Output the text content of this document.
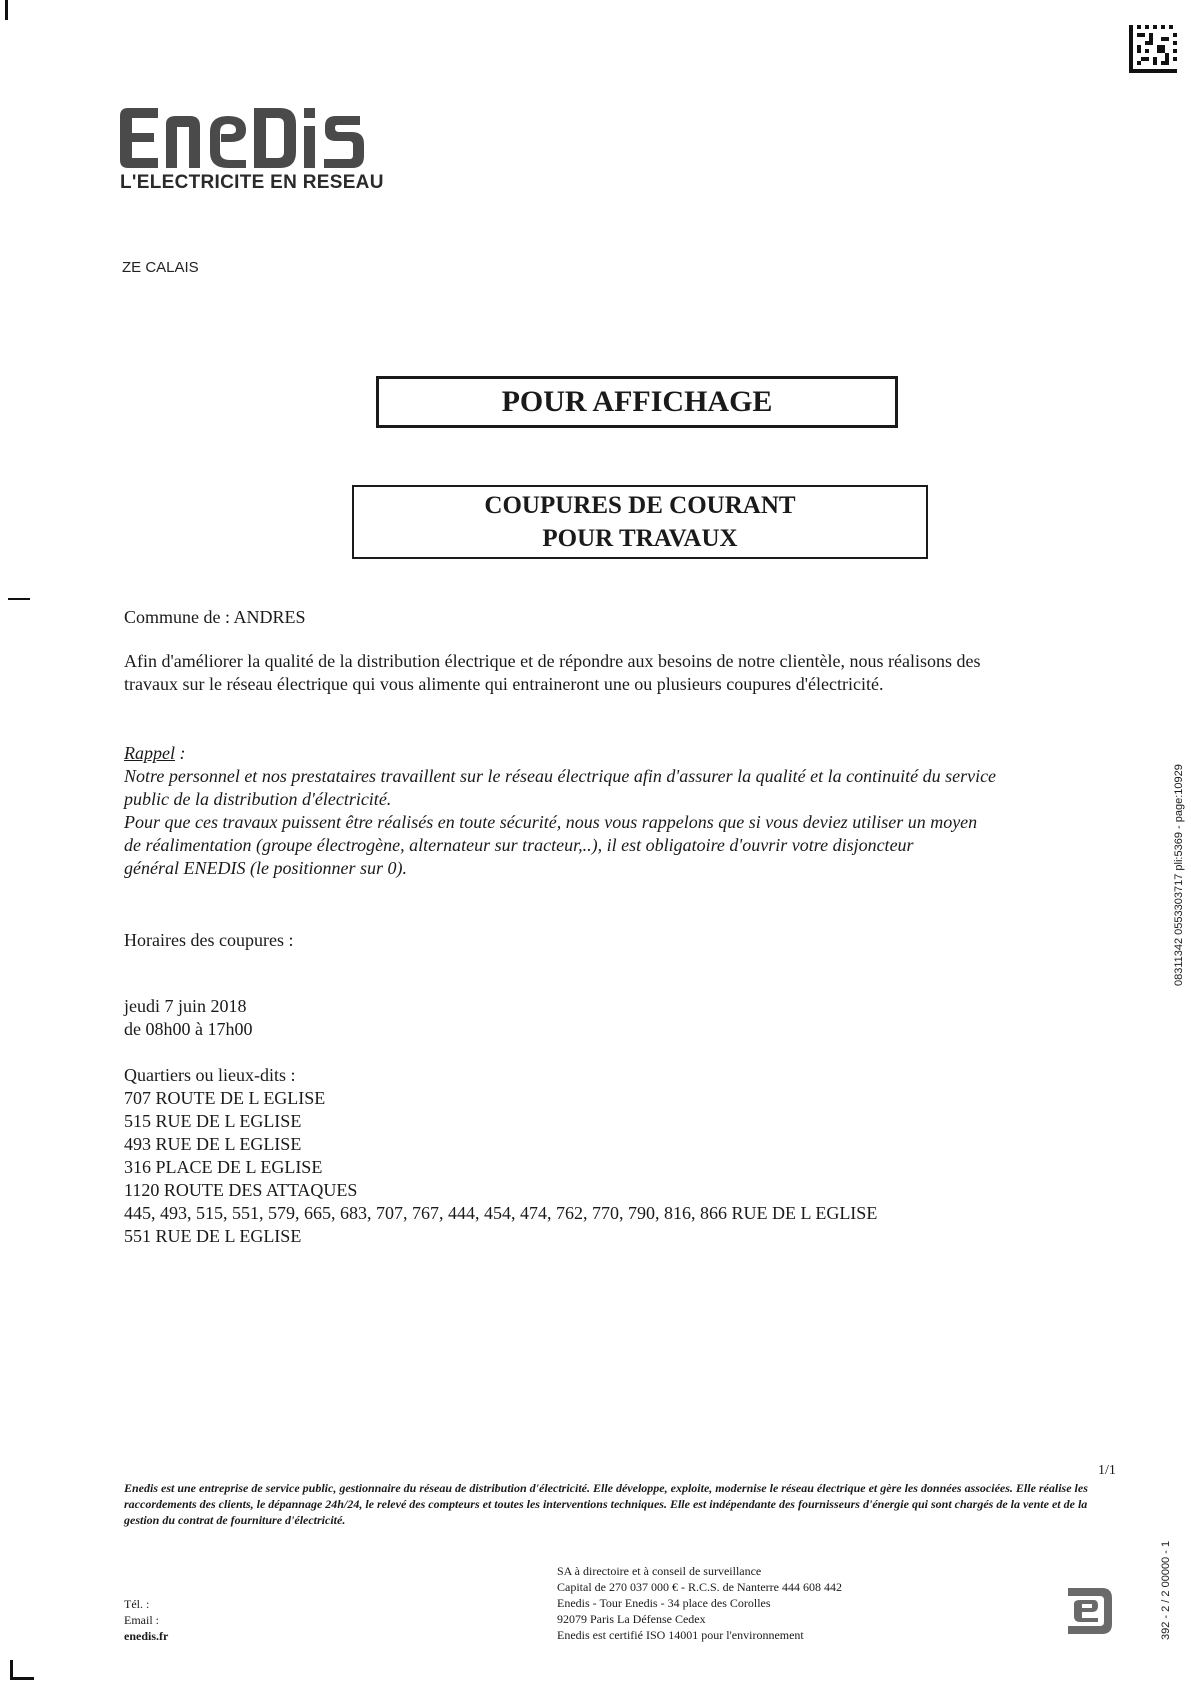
L'ELECTRICITE EN RESEAU
ZE CALAIS
POUR AFFICHAGE
COUPURES DE COURANT
POUR TRAVAUX
Commune de : ANDRES
Afin d'améliorer la qualité de la distribution électrique et de répondre aux besoins de notre clientèle, nous réalisons des
travaux sur le réseau électrique qui vous alimente qui entraineront une ou plusieurs coupures d'électricité.
Rappel :
Notre personnel et nos prestataires travaillent sur le réseau électrique afin d'assurer la qualité et la continuité du service
public de la distribution d'électricité.
Pour que ces travaux puissent être réalisés en toute sécurité, nous vous rappelons que si vous deviez utiliser un moyen
de réalimentation (groupe électrogène, alternateur sur tracteur,..), il est obligatoire d'ouvrir votre disjoncteur
général ENEDIS (le positionner sur 0).
Horaires des coupures :
jeudi 7 juin 2018
de 08h00 à 17h00
Quartiers ou lieux-dits :
707 ROUTE DE L EGLISE
515 RUE DE L EGLISE
493 RUE DE L EGLISE
316 PLACE DE L EGLISE
1120 ROUTE DES ATTAQUES
445, 493, 515, 551, 579, 665, 683, 707, 767, 444, 454, 474, 762, 770, 790, 816, 866 RUE DE L EGLISE
551 RUE DE L EGLISE
1/1
Enedis est une entreprise de service public, gestionnaire du réseau de distribution d'électricité. Elle développe, exploite, modernise le réseau électrique et gère les données associées. Elle réalise les raccordements des clients, le dépannage 24h/24, le relevé des compteurs et toutes les interventions techniques. Elle est indépendante des fournisseurs d'énergie qui sont chargés de la vente et de la gestion du contrat de fourniture d'électricité.
Tél. :
Email :
enedis.fr
SA à directoire et à conseil de surveillance
Capital de 270 037 000 € - R.C.S. de Nanterre 444 608 442
Enedis - Tour Enedis - 34 place des Corolles
92079 Paris La Défense Cedex
Enedis est certifié ISO 14001 pour l'environnement
08311342 0553303717 pli:5369 - page:10929
392 - 2 / 2 00000 - 1
